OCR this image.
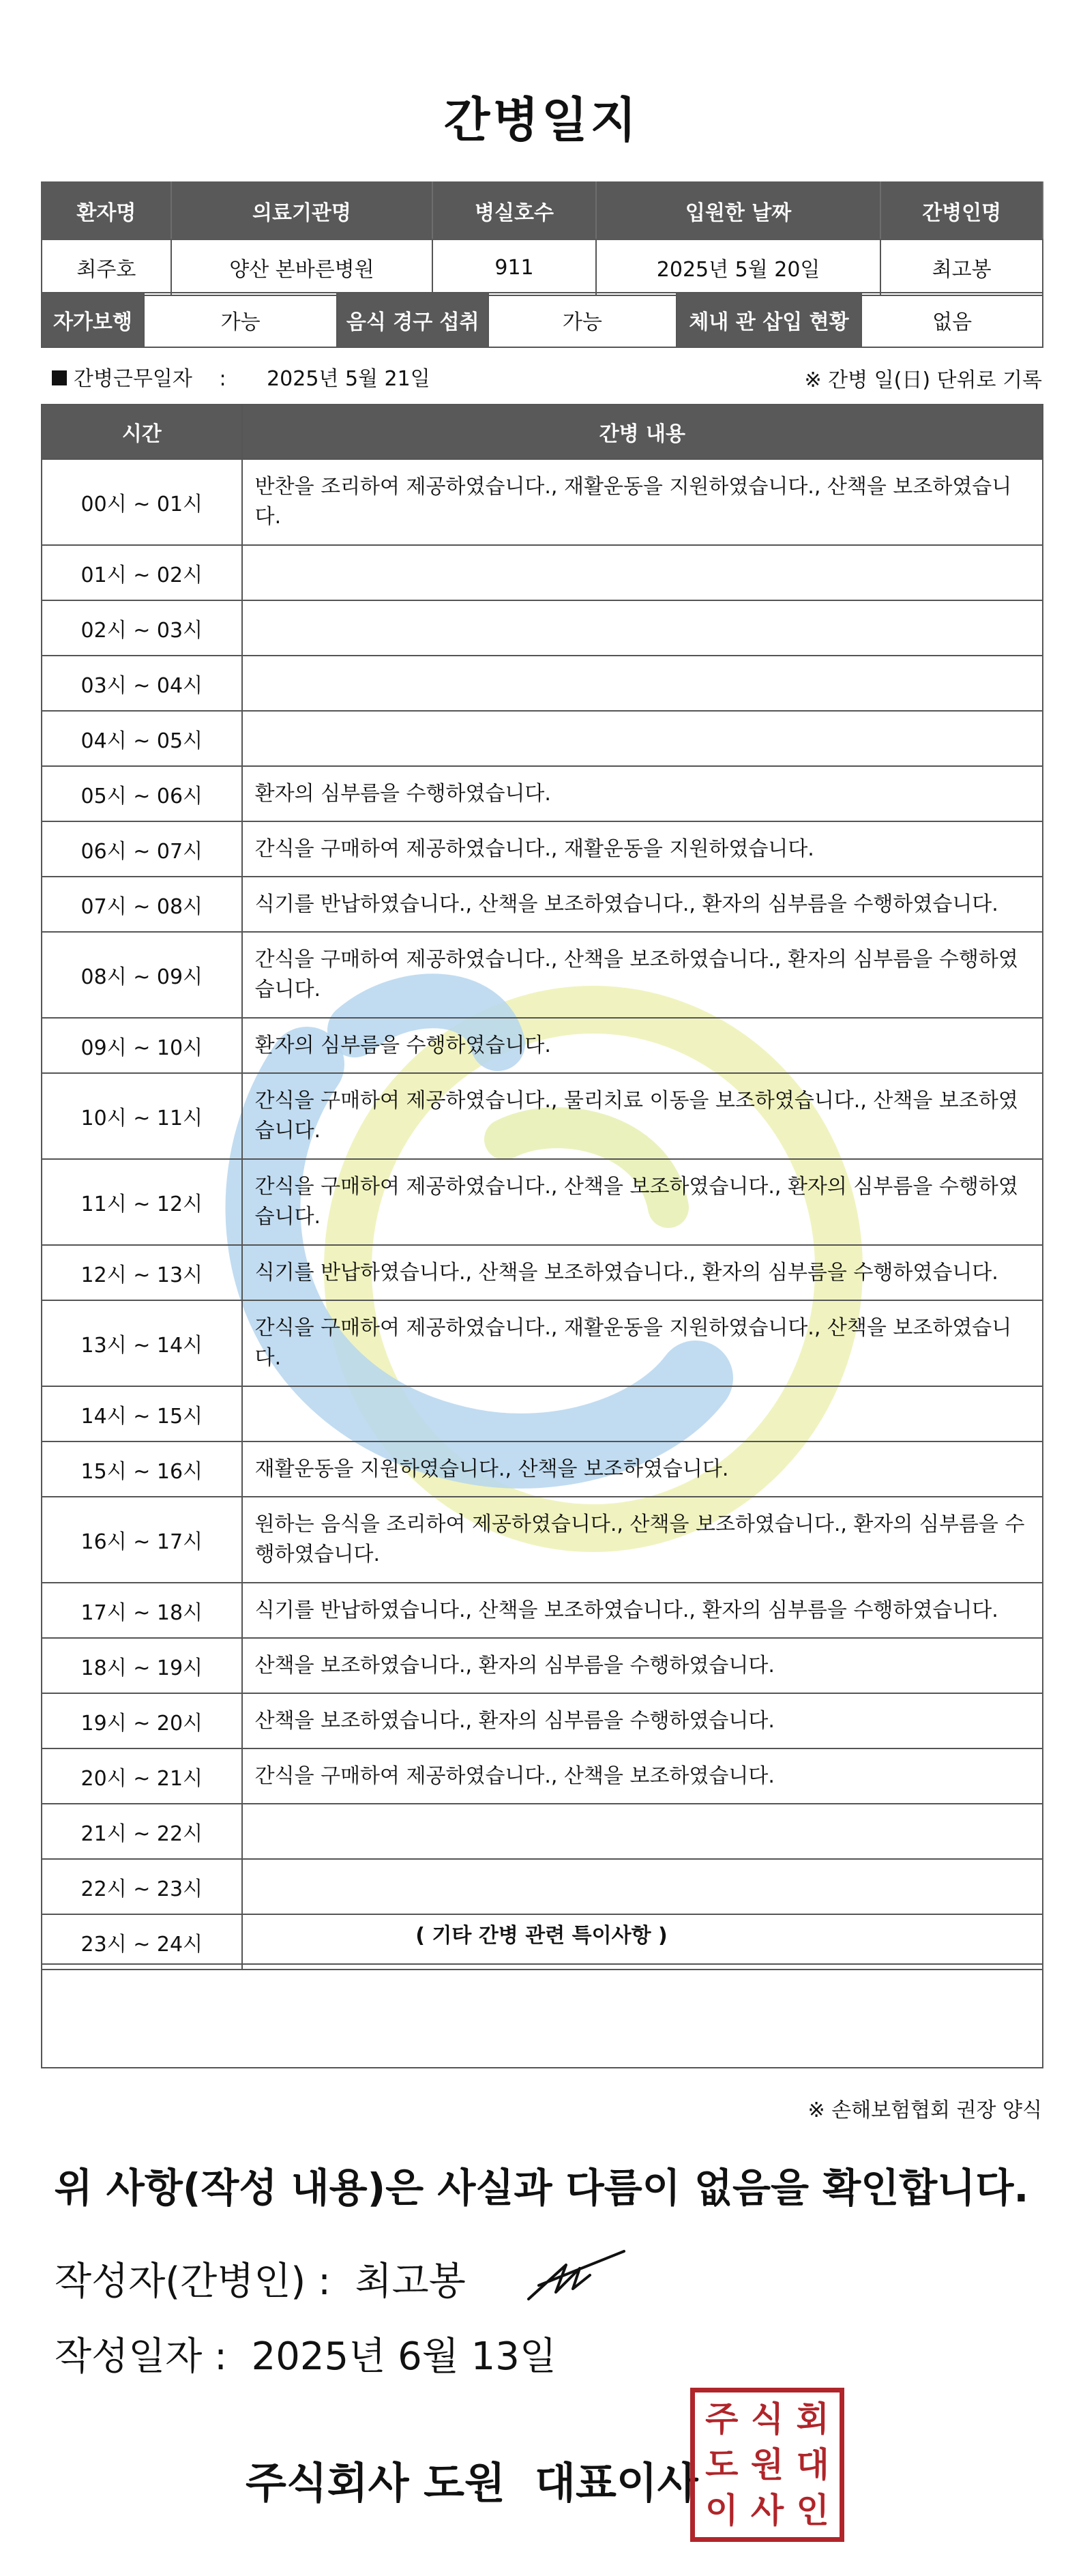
간병일지
환자명	의료기관명	병실호수	입원한 날짜	간병인명
최주호	양산 본바른병원	911	2025년 5월 20일	최고봉
자가보행	가능	음식 경구 섭취	가능	체내 관 삽입 현황	없음
간병근무일자 : 2025년 5월 21일	※ 간병 일(日) 단위로 기록
시간	간병 내용
00시 ~ 01시	반찬을 조리하여 제공하였습니다., 재활운동을 지원하였습니다., 산책을 보조하였습니다.
01시 ~ 02시	
02시 ~ 03시	
03시 ~ 04시	
04시 ~ 05시	
05시 ~ 06시	환자의 심부름을 수행하였습니다.
06시 ~ 07시	간식을 구매하여 제공하였습니다., 재활운동을 지원하였습니다.
07시 ~ 08시	식기를 반납하였습니다., 산책을 보조하였습니다., 환자의 심부름을 수행하였습니다.
08시 ~ 09시	간식을 구매하여 제공하였습니다., 산책을 보조하였습니다., 환자의 심부름을 수행하였습니다.
09시 ~ 10시	환자의 심부름을 수행하였습니다.
10시 ~ 11시	간식을 구매하여 제공하였습니다., 물리치료 이동을 보조하였습니다., 산책을 보조하였습니다.
11시 ~ 12시	간식을 구매하여 제공하였습니다., 산책을 보조하였습니다., 환자의 심부름을 수행하였습니다.
12시 ~ 13시	식기를 반납하였습니다., 산책을 보조하였습니다., 환자의 심부름을 수행하였습니다.
13시 ~ 14시	간식을 구매하여 제공하였습니다., 재활운동을 지원하였습니다., 산책을 보조하였습니다.
14시 ~ 15시	
15시 ~ 16시	재활운동을 지원하였습니다., 산책을 보조하였습니다.
16시 ~ 17시	원하는 음식을 조리하여 제공하였습니다., 산책을 보조하였습니다., 환자의 심부름을 수행하였습니다.
17시 ~ 18시	식기를 반납하였습니다., 산책을 보조하였습니다., 환자의 심부름을 수행하였습니다.
18시 ~ 19시	산책을 보조하였습니다., 환자의 심부름을 수행하였습니다.
19시 ~ 20시	산책을 보조하였습니다., 환자의 심부름을 수행하였습니다.
20시 ~ 21시	간식을 구매하여 제공하였습니다., 산책을 보조하였습니다.
21시 ~ 22시	
22시 ~ 23시	
23시 ~ 24시		( 기타 간병 관련 특이사항 )
※ 손해보험협회 권장 양식
위 사항(작성 내용)은 사실과 다름이 없음을 확인합니다.
작성자(간병인) : 최고봉
작성일자 : 2025년 6월 13일
주식회사 도원  대표이사
주 식 회
도 원 대
이 사 인
